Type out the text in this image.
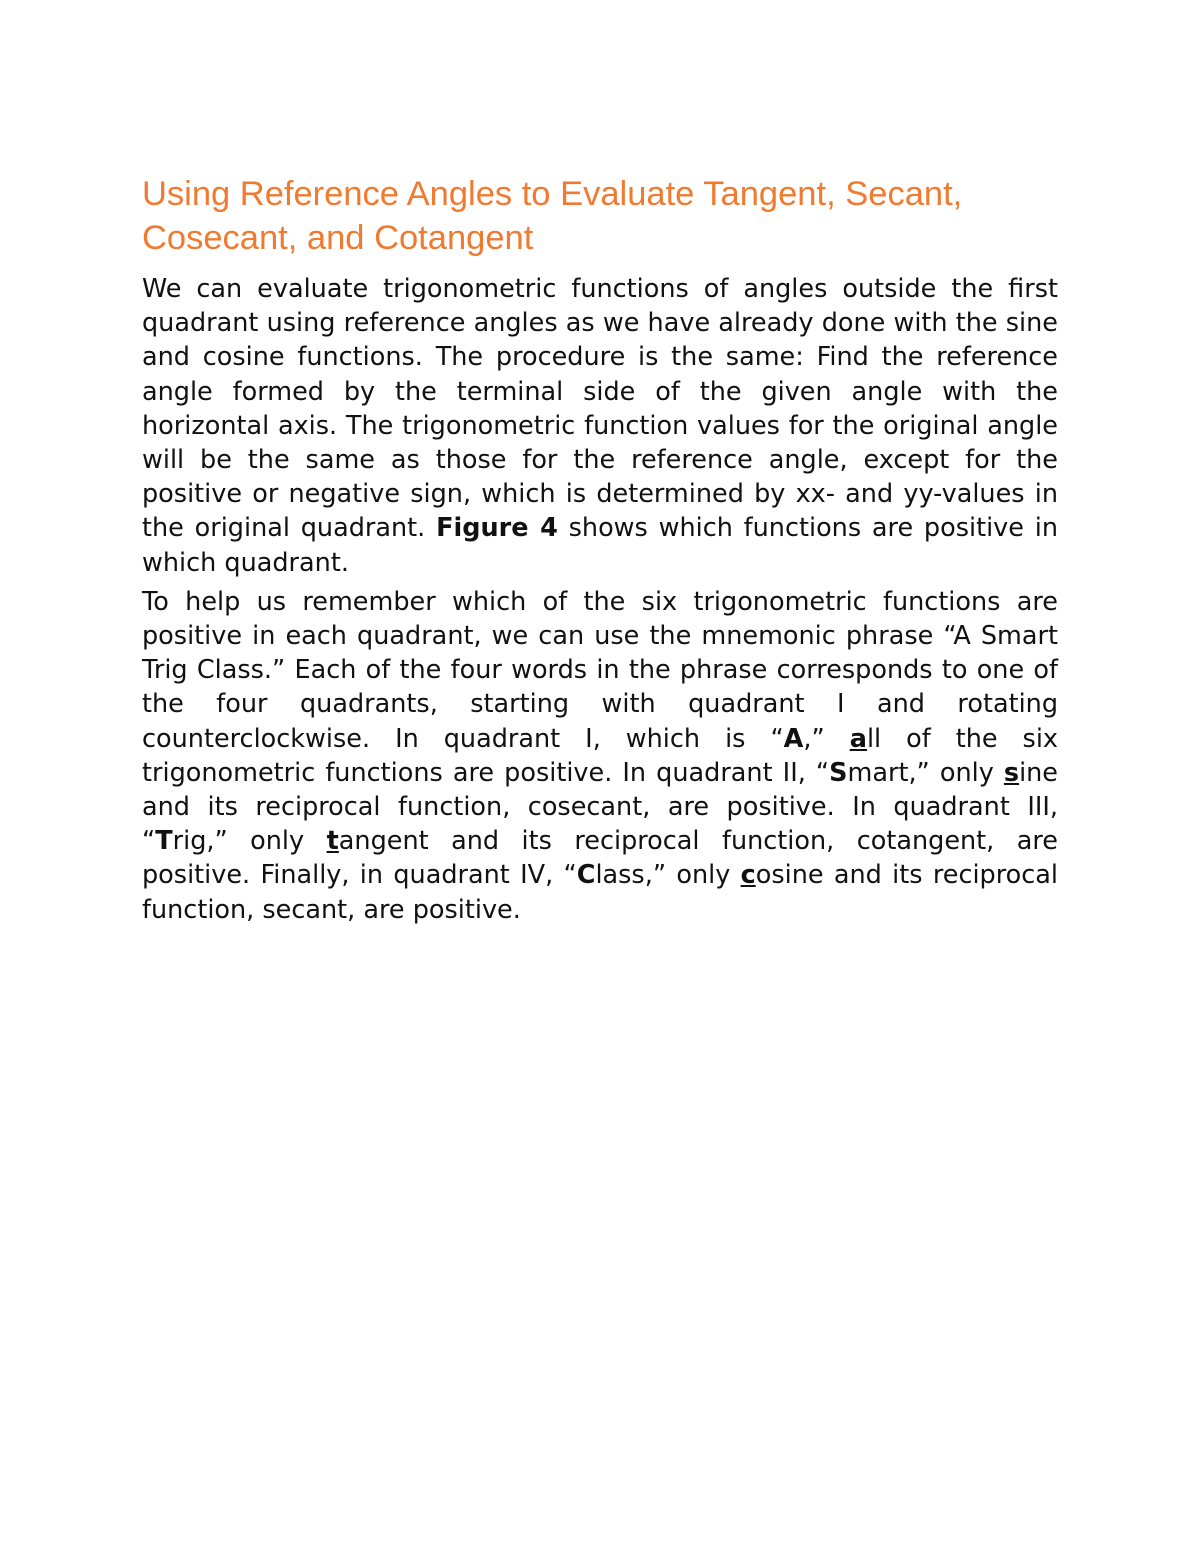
Using Reference Angles to Evaluate Tangent, Secant, Cosecant, and Cotangent

We can evaluate trigonometric functions of angles outside the first quadrant using reference angles as we have already done with the sine and cosine functions. The procedure is the same: Find the reference angle formed by the terminal side of the given angle with the horizontal axis. The trigonometric function values for the original angle will be the same as those for the reference angle, except for the positive or negative sign, which is determined by xx- and yy-values in the original quadrant. Figure 4 shows which functions are positive in which quadrant.

To help us remember which of the six trigonometric functions are positive in each quadrant, we can use the mnemonic phrase “A Smart Trig Class.” Each of the four words in the phrase corresponds to one of the four quadrants, starting with quadrant I and rotating counterclockwise. In quadrant I, which is “A,” all of the six trigonometric functions are positive. In quadrant II, “Smart,” only sine and its reciprocal function, cosecant, are positive. In quadrant III, “Trig,” only tangent and its reciprocal function, cotangent, are positive. Finally, in quadrant IV, “Class,” only cosine and its reciprocal function, secant, are positive.
